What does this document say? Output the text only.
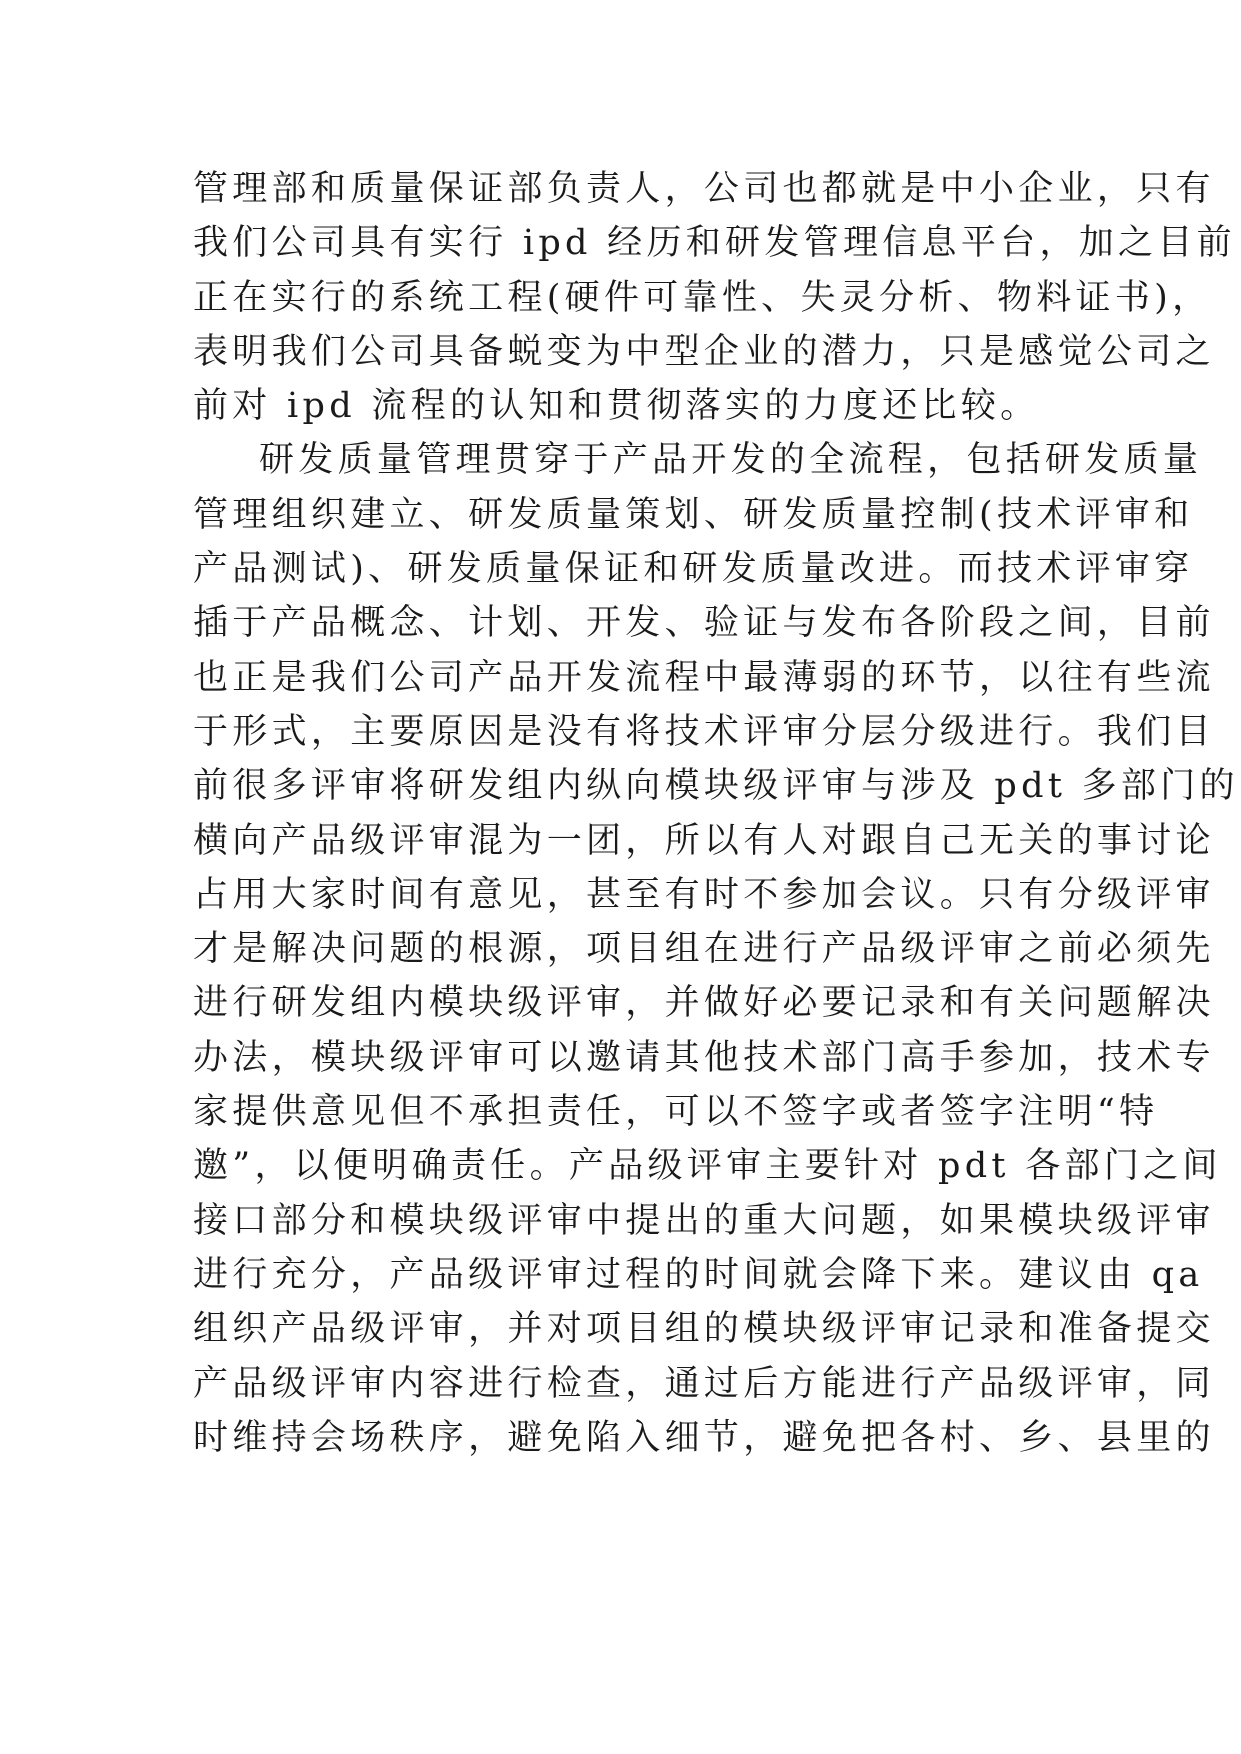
管理部和质量保证部负责人，公司也都就是中小企业，只有
我们公司具有实行 ipd 经历和研发管理信息平台，加之目前
正在实行的系统工程(硬件可靠性、失灵分析、物料证书)，
表明我们公司具备蜕变为中型企业的潜力，只是感觉公司之
前对 ipd 流程的认知和贯彻落实的力度还比较。
研发质量管理贯穿于产品开发的全流程，包括研发质量
管理组织建立、研发质量策划、研发质量控制(技术评审和
产品测试)、研发质量保证和研发质量改进。而技术评审穿
插于产品概念、计划、开发、验证与发布各阶段之间，目前
也正是我们公司产品开发流程中最薄弱的环节，以往有些流
于形式，主要原因是没有将技术评审分层分级进行。我们目
前很多评审将研发组内纵向模块级评审与涉及 pdt 多部门的
横向产品级评审混为一团，所以有人对跟自己无关的事讨论
占用大家时间有意见，甚至有时不参加会议。只有分级评审
才是解决问题的根源，项目组在进行产品级评审之前必须先
进行研发组内模块级评审，并做好必要记录和有关问题解决
办法，模块级评审可以邀请其他技术部门高手参加，技术专
家提供意见但不承担责任，可以不签字或者签字注明“特
邀”，以便明确责任。产品级评审主要针对 pdt 各部门之间
接口部分和模块级评审中提出的重大问题，如果模块级评审
进行充分，产品级评审过程的时间就会降下来。建议由 qa
组织产品级评审，并对项目组的模块级评审记录和准备提交
产品级评审内容进行检查，通过后方能进行产品级评审，同
时维持会场秩序，避免陷入细节，避免把各村、乡、县里的
